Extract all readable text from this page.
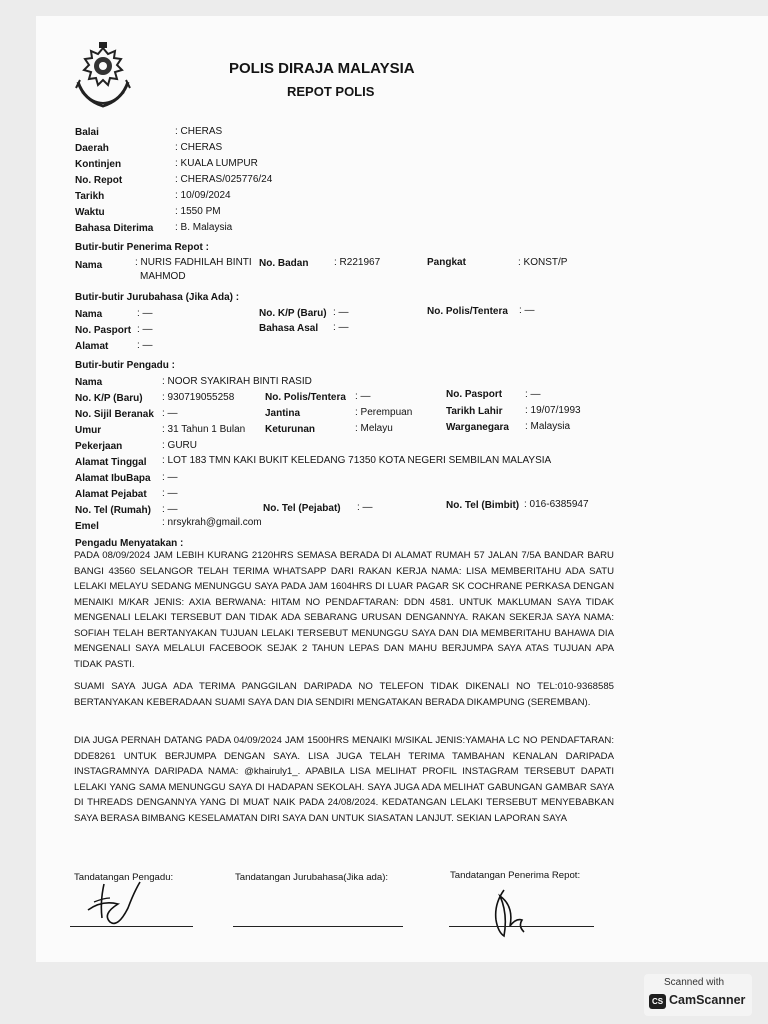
POLIS DIRAJA MALAYSIA
REPOT POLIS
Balai	: CHERAS
Daerah	: CHERAS
Kontinjen	: KUALA LUMPUR
No. Repot	: CHERAS/025776/24
Tarikh	: 10/09/2024
Waktu	: 1550 PM
Bahasa Diterima : B. Malaysia
Butir-butir Penerima Repot :
Nama	: NURIS FADHILAH BINTI
MAHMOD
No. Badan	: R221967	Pangkat	: KONST/P
Butir-butir Jurubahasa (Jika Ada) :
Nama	: —	No. K/P (Baru) : —	No. Polis/Tentera : —
No. Pasport : —	Bahasa Asal : —
Alamat	: —
Butir-butir Pengadu :
Nama	: NOOR SYAKIRAH BINTI RASID
No. K/P (Baru) : 930719055258	No. Polis/Tentera : —	No. Pasport : —
No. Sijil Beranak : —	Jantina	: Perempuan	Tarikh Lahir : 19/07/1993
Umur	: 31 Tahun 1 Bulan Keturunan	: Melayu	Warganegara : Malaysia
Pekerjaan	: GURU
Alamat Tinggal : LOT 183 TMN KAKI BUKIT KELEDANG 71350 KOTA NEGERI SEMBILAN MALAYSIA
Alamat IbuBapa : —
Alamat Pejabat : —
No. Tel (Rumah) : —	No. Tel (Pejabat) : —	No. Tel (Bimbit) : 016-6385947
Emel	: nrsykrah@gmail.com
Pengadu Menyatakan :
PADA 08/09/2024 JAM LEBIH KURANG 2120HRS SEMASA BERADA DI ALAMAT RUMAH 57 JALAN 7/5A BANDAR BARU BANGI 43560 SELANGOR TELAH TERIMA WHATSAPP DARI RAKAN KERJA NAMA: LISA MEMBERITAHU ADA SATU LELAKI MELAYU SEDANG MENUNGGU SAYA PADA JAM 1604HRS DI LUAR PAGAR SK COCHRANE PERKASA DENGAN MENAIKI M/KAR JENIS: AXIA BERWANA: HITAM NO PENDAFTARAN: DDN 4581. UNTUK MAKLUMAN SAYA TIDAK MENGENALI LELAKI TERSEBUT DAN TIDAK ADA SEBARANG URUSAN DENGANNYA. RAKAN SEKERJA SAYA NAMA: SOFIAH TELAH BERTANYAKAN TUJUAN LELAKI TERSEBUT MENUNGGU SAYA DAN DIA MEMBERITAHU BAHAWA DIA MENGENALI SAYA MELALUI FACEBOOK SEJAK 2 TAHUN LEPAS DAN MAHU BERJUMPA SAYA ATAS TUJUAN APA TIDAK PASTI.
SUAMI SAYA JUGA ADA TERIMA PANGGILAN DARIPADA NO TELEFON TIDAK DIKENALI NO TEL:010-9368585 BERTANYAKAN KEBERADAAN SUAMI SAYA DAN DIA SENDIRI MENGATAKAN BERADA DIKAMPUNG (SEREMBAN).
DIA JUGA PERNAH DATANG PADA 04/09/2024 JAM 1500HRS MENAIKI M/SIKAL JENIS:YAMAHA LC NO PENDAFTARAN: DDE8261 UNTUK BERJUMPA DENGAN SAYA. LISA JUGA TELAH TERIMA TAMBAHAN KENALAN DARIPADA INSTAGRAMNYA DARIPADA NAMA: @khairuly1_. APABILA LISA MELIHAT PROFIL INSTAGRAM TERSEBUT DAPATI LELAKI YANG SAMA MENUNGGU SAYA DI HADAPAN SEKOLAH. SAYA JUGA ADA MELIHAT GABUNGAN GAMBAR SAYA DI THREADS DENGANNYA YANG DI MUAT NAIK PADA 24/08/2024. KEDATANGAN LELAKI TERSEBUT MENYEBABKAN SAYA BERASA BIMBANG KESELAMATAN DIRI SAYA DAN UNTUK SIASATAN LANJUT. SEKIAN LAPORAN SAYA
Tandatangan Pengadu:	Tandatangan Jurubahasa(Jika ada):	Tandatangan Penerima Repot:
Scanned with
CS CamScanner
